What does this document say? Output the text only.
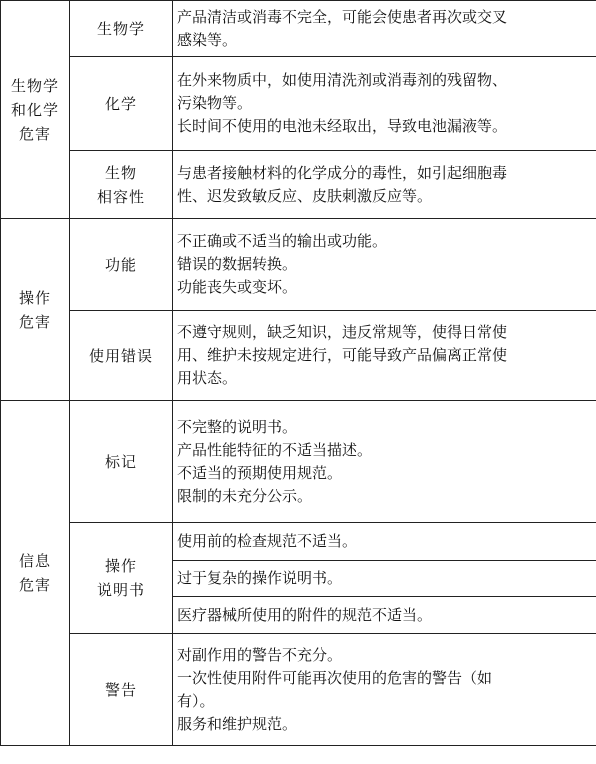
生物学
和化学
危害	生物学	产品清洁或消毒不完全，可能会使患者再次或交叉
感染等。

	化学	在外来物质中，如使用清洗剂或消毒剂的残留物、
污染物等。
长时间不使用的电池未经取出，导致电池漏液等。

	生物
相容性	与患者接触材料的化学成分的毒性，如引起细胞毒
性、迟发致敏反应、皮肤刺激反应等。

操作
危害	功能	不正确或不适当的输出或功能。
错误的数据转换。
功能丧失或变坏。

	使用错误	不遵守规则，缺乏知识，违反常规等，使得日常使
用、维护未按规定进行，可能导致产品偏离正常使
用状态。

信息
危害	标记	不完整的说明书。
产品性能特征的不适当描述。
不适当的预期使用规范。
限制的未充分公示。

	操作
说明书	使用前的检查规范不适当。

		过于复杂的操作说明书。

		医疗器械所使用的附件的规范不适当。

	警告	对副作用的警告不充分。
一次性使用附件可能再次使用的危害的警告（如
有）。
服务和维护规范。
